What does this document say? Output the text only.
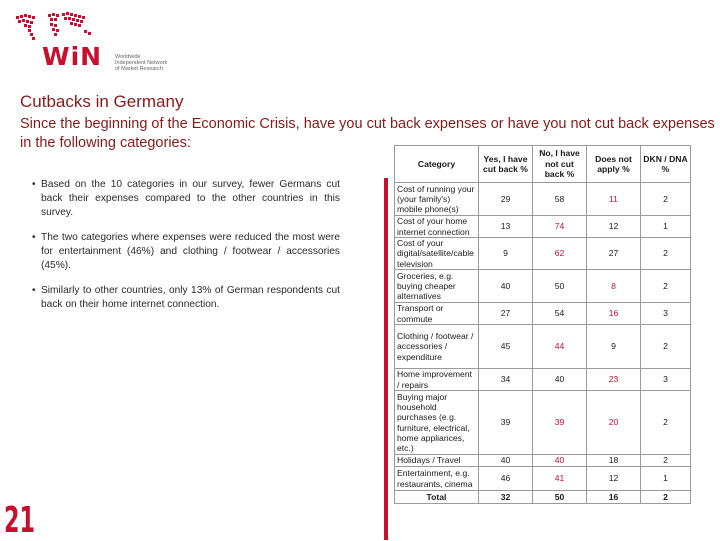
WiN Worldwide
Independent Network
of Market Research
Cutbacks in Germany
Since the beginning of the Economic Crisis, have you cut back expenses or have you not cut back expenses in the following categories:
• Based on the 10 categories in our survey, fewer Germans cut back their expenses compared to the other countries in this survey.
• The two categories where expenses were reduced the most were for entertainment (46%) and clothing / footwear / accessories (45%).
• Similarly to other countries, only 13% of German respondents cut back on their home internet connection.
Category	Yes, I have cut back %	No, I have not cut back %	Does not apply %	DKN / DNA %
Cost of running your (your family's) mobile phone(s)	29	58	11	2
Cost of your home internet connection	13	74	12	1
Cost of your digital/satellite/cable television	9	62	27	2
Groceries, e.g. buying cheaper alternatives	40	50	8	2
Transport or commute	27	54	16	3
Clothing / footwear / accessories / expenditure	45	44	9	2
Home improvement / repairs	34	40	23	3
Buying major household purchases (e.g. furniture, electrical, home appliances, etc.)	39	39	20	2
Holidays / Travel	40	40	18	2
Entertainment, e.g. restaurants, cinema	46	41	12	1
Total	32	50	16	2
21
